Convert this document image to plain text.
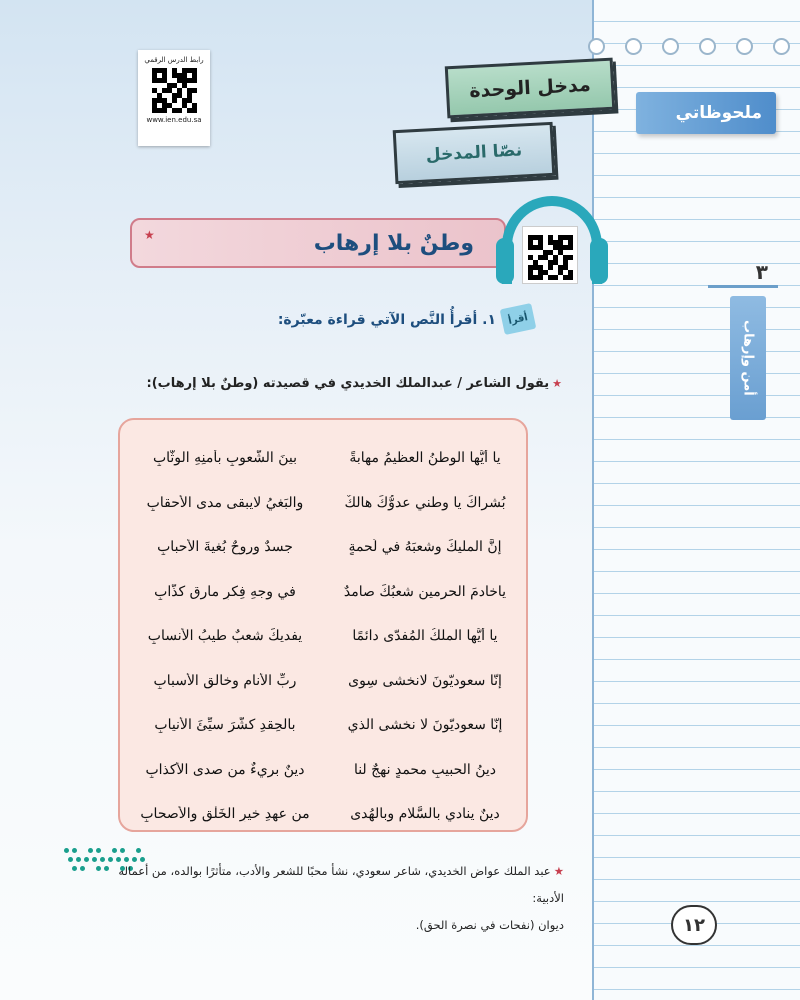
ملحوظاتي
٣
أمن وإرهاب
١٢
رابط الدرس الرقمي
www.ien.edu.sa
مدخل الوحدة
نصّا المدخل
وطنٌ بلا إرهاب
★
أقرأ
١. أقرأُ النَّص الآتي قراءة معبّرة:
★يقول الشاعر / عبدالملك الخديدي في قصيدته (وطنٌ بلا إرهاب):
يا أيُّها الوطنُ العظيمُ مهابةً
بينَ الشُّعوبِ بأمنِهِ الوثّابِ
بُشراكَ يا وطني عدوُّكَ هالكٌ
والبَغيُ لايبقى مدى الأحقابِ
إنَّ المليكَ وشعبَهُ في لُحمةٍ
جسدٌ وروحٌ بُغيةَ الأحبابِ
ياخادمَ الحرمينِ شعبُكَ صامدٌ
في وجهِ فِكرٍ مارقٍ كذّابِ
يا أيُّها الملكُ المُفدّى دائمًا
يفديكَ شعبٌ طيبُ الأنسابِ
إنّا سعوديّونَ لانخشى سِوى
ربِّ الأنامِ وخالقِ الأسبابِ
إنّا سعوديّونَ لا نخشى الذي
بالحِقدِ كشَّرَ سيِّئَ الأنيابِ
دينُ الحبيبِ محمدٍ نهجٌ لنا
دينٌ بريءٌ من صدى الأكذابِ
دينٌ ينادي بالسَّلامِ وبالهُدى
من عهدِ خيرِ الخَلْقِ والأصحابِ
★عبد الملك عواض الخديدي، شاعر سعودي، نشأ محبًا للشعر والأدب، متأثرًا بوالده، من أعماله الأدبية:
ديوان (نفحات في نصرة الحق).
